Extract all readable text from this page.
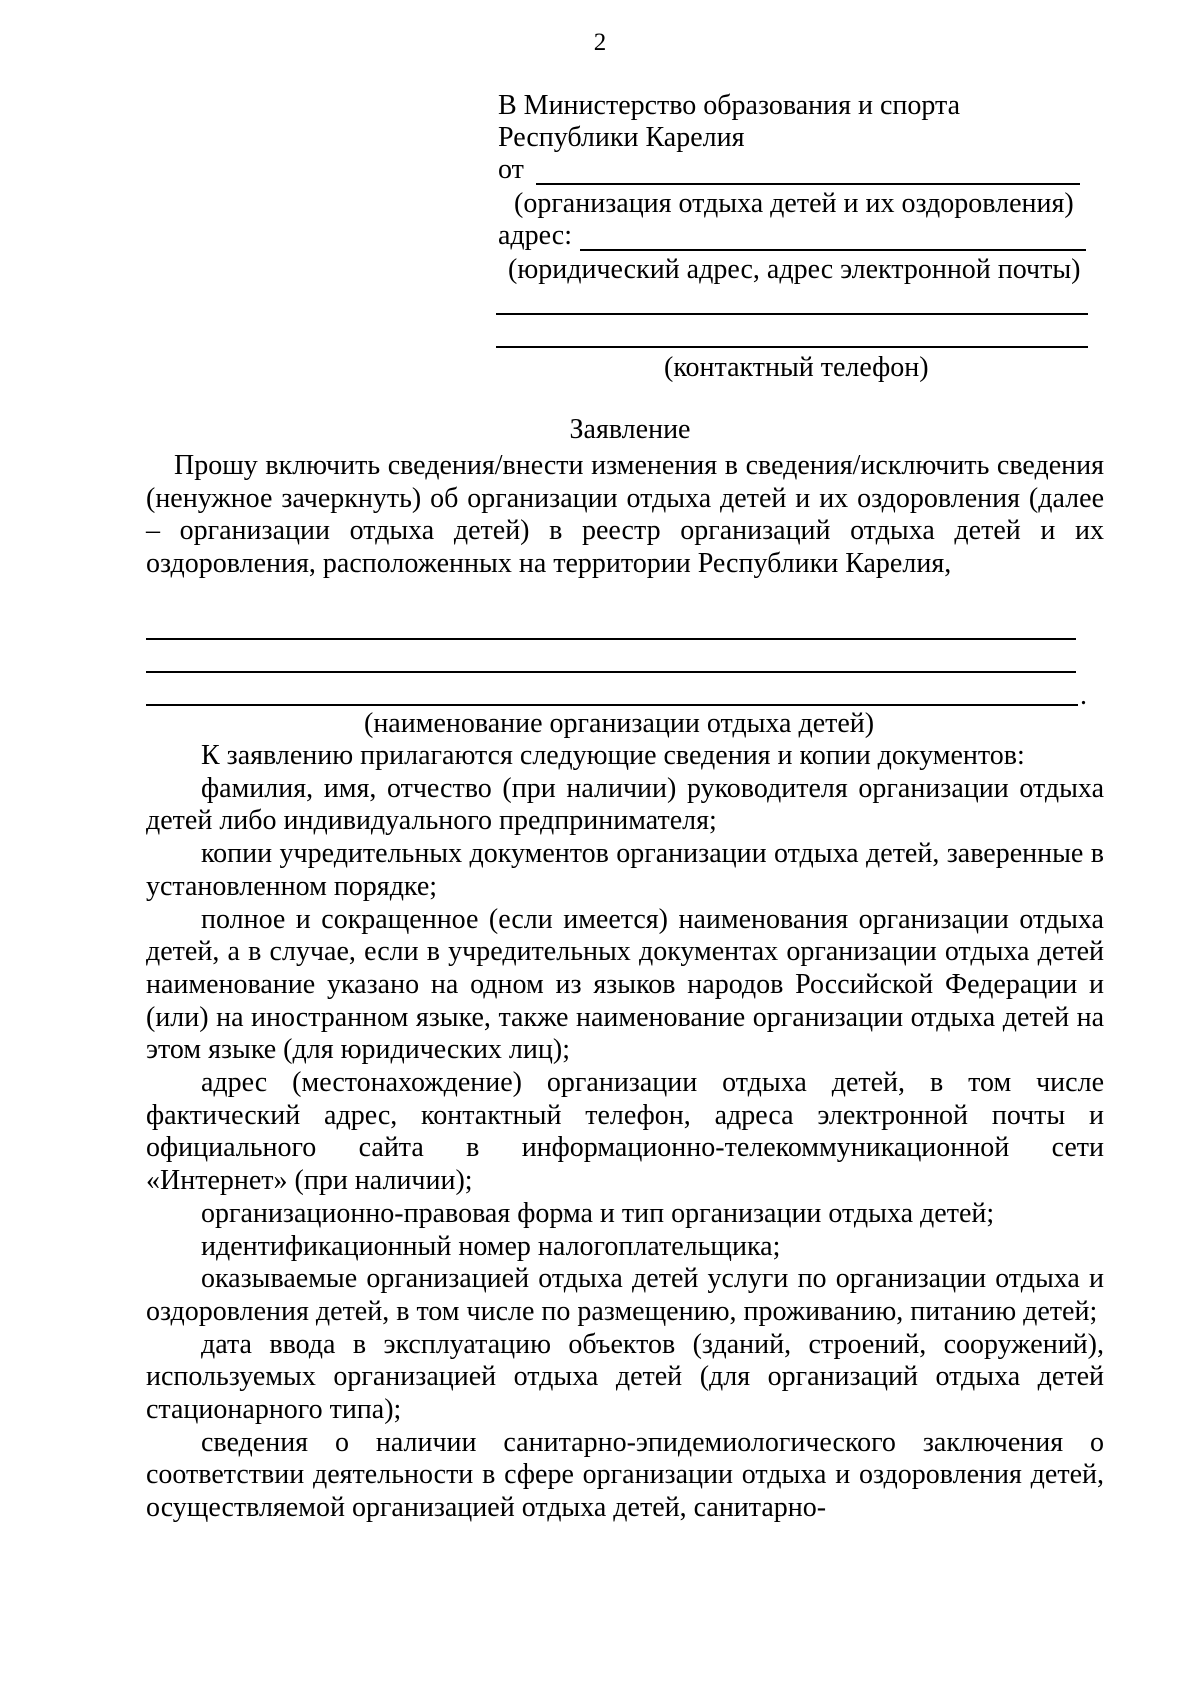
2
В Министерство образования и спорта
Республики Карелия
от
(организация отдыха детей и их оздоровления)
адрес:
(юридический адрес, адрес электронной почты)
(контактный телефон)
Заявление

Прошу включить сведения/внести изменения в сведения/исключить сведения (ненужное зачеркнуть) об организации отдыха детей и их оздоровления (далее – организации отдыха детей) в реестр организаций отдыха детей и их оздоровления, расположенных на территории Республики Карелия,

.
(наименование организации отдыха детей)

К заявлению прилагаются следующие сведения и копии документов:

фамилия, имя, отчество (при наличии) руководителя организации отдыха детей либо индивидуального предпринимателя;

копии учредительных документов организации отдыха детей, заверенные в установленном порядке;

полное и сокращенное (если имеется) наименования организации отдыха детей, а в случае, если в учредительных документах организации отдыха детей наименование указано на одном из языков народов Российской Федерации и (или) на иностранном языке, также наименование организации отдыха детей на этом языке (для юридических лиц);

адрес (местонахождение) организации отдыха детей, в том числе фактический адрес, контактный телефон, адреса электронной почты и официального сайта в информационно-телекоммуникационной сети «Интернет» (при наличии);

организационно-правовая форма и тип организации отдыха детей;

идентификационный номер налогоплательщика;

оказываемые организацией отдыха детей услуги по организации отдыха и оздоровления детей, в том числе по размещению, проживанию, питанию детей;

дата ввода в эксплуатацию объектов (зданий, строений, сооружений), используемых организацией отдыха детей (для организаций отдыха детей стационарного типа);

сведения о наличии санитарно-эпидемиологического заключения о соответствии деятельности в сфере организации отдыха и оздоровления детей, осуществляемой организацией отдыха детей, санитарно-
